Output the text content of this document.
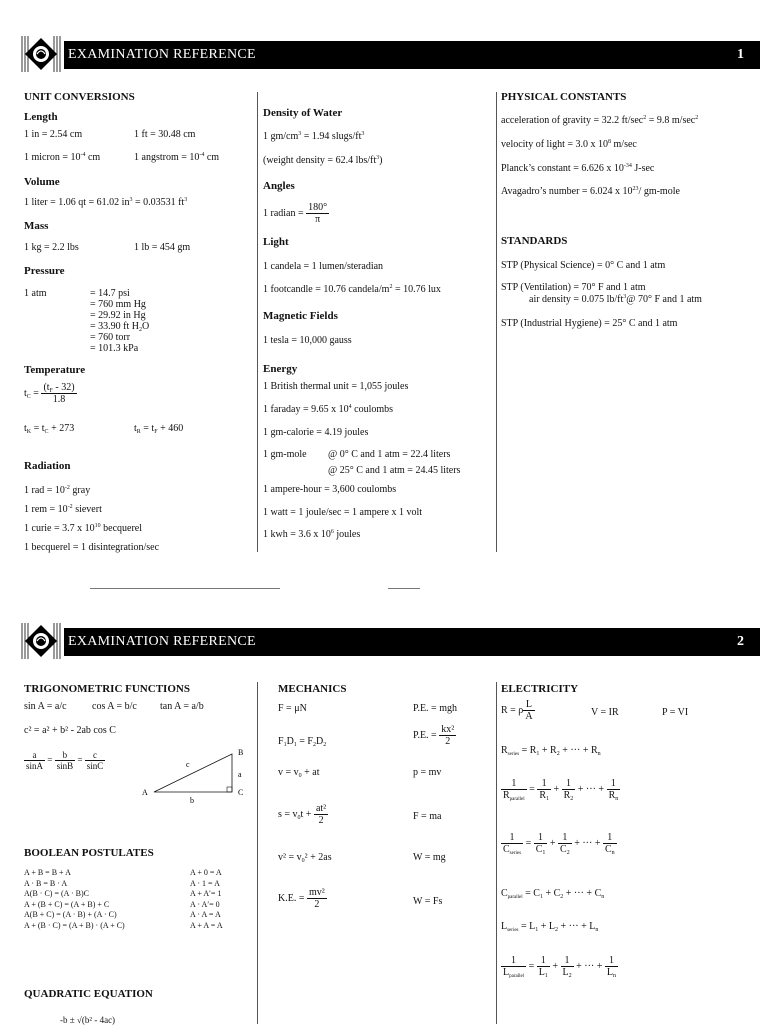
EXAMINATION REFERENCE	1
UNIT CONVERSIONS
Length
1 in = 2.54 cm	1 ft = 30.48 cm
1 micron = $10^{-4}$ cm	1 angstrom = $10^{-4}$ cm
Volume
1 liter = 1.06 qt = 61.02 $in^3 = 0.03531$ $ft^3$
Mass
1 kg = 2.2 lbs	1 lb = 454 gm
Pressure
1 atm	= 14.7 psi
= 760 mm Hg
= 29.92 in Hg
= 33.90 ft $H_2O$
= 760 torr
= 101.3 kPa
Temperature
$t_C = \frac{(t_F - 32)}{1.8}$
$t_K = t_C + 273$	$t_R = t_F + 460$
Radiation
1 rad = $10^{-2}$ gray
1 rem = $10^{-2}$ sievert
1 curie = 3.7 x $10^{10}$ becquerel
1 becquerel = 1 disintegration/sec
Density of Water
1 $gm/cm^3 = 1.94$ slugs/$ft^3$
(weight density = 62.4 lbs/$ft^3$)
Angles
1 radian = $\frac{180^\circ}{\pi}$
Light
1 candela = 1 lumen/steradian
1 footcandle = 10.76 candela/$m^2 = 10.76$ lux
Magnetic Fields
1 tesla = 10,000 gauss
Energy
1 British thermal unit = 1,055 joules
1 faraday = 9.65 x $10^4$ coulombs
1 gm-calorie = 4.19 joules
1 gm-mole @ 0° C and 1 atm = 22.4 liters
@ 25° C and 1 atm = 24.45 liters
1 ampere-hour = 3,600 coulombs
1 watt = 1 joule/sec = 1 ampere x 1 volt
1 kwh = 3.6 x $10^6$ joules
PHYSICAL CONSTANTS
acceleration of gravity = 32.2 $ft/\sec^2 = 9.8$ $m/\sec^2$
velocity of light = 3.0 x $10^8$ m/sec
Planck’s constant = 6.626 x $10^{-34}$ J-sec
Avagadro’s number = 6.024 x $10^{23}/$ gm-mole
STANDARDS
STP (Physical Science) = 0° C and 1 atm
STP (Ventilation) = 70° F and 1 atm
air density = 0.075 $lb/ft^3@$ 70° F and 1 atm
STP (Industrial Hygiene) = 25° C and 1 atm
EXAMINATION REFERENCE	2
TRIGONOMETRIC FUNCTIONS
sin A = a/c	cos A = b/c tan A = a/b
c² = a² + b² - 2ab cos C
$\frac{a}{\sin A} = \frac{b}{\sin B} = \frac{c}{\sin C}$
A
B
C
c
a
b
BOOLEAN POSTULATES
A + B = B + A
A · B = B · A
A(B · C) = (A · B)C
A + (B + C) = (A + B) + C
A(B + C) = (A · B) + (A · C)
A + (B · C) = (A + B) · (A + C)
A + 0 = A
A · 1 = A
A + A′= 1
A · A′= 0
A · A = A
A + A = A
QUADRATIC EQUATION
-b ± √(b² - 4ac)
MECHANICS
F = μN	P.E. = mgh
$F_1D_1 = F_2D_2$
P.E. = $\frac{\text{kx²}}{2}$
$v = v_0$ + at	p = mv
$s = v_0t + \frac{\text{at²}}{2}$	F = ma
$v^2 = v_0^2 + 2as$	W = mg
K.E. = $\frac{\text{mv²}}{2}$	W = Fs
ELECTRICITY
R = ρ $\frac{L}{A}$	V = IR	P = VI
$R_{series} = R_1 + R_2$ + ··· + $R_n$
$\frac{1}{R_{parallel}} = \frac{1}{R_1} + \frac{1}{R_2}$ + ··· + $\frac{1}{R_n}$
$\frac{1}{C_{series}} = \frac{1}{C_1} + \frac{1}{C_2}$ + ··· + $\frac{1}{C_n}$
$C_{parallel} = C_1 + C_2$ + ··· + $C_n$
$L_{series} = L_1 + L_2$ + ··· + $L_n$
$\frac{1}{L_{parallel}} = \frac{1}{L_1} + \frac{1}{L_2}$ + ··· + $\frac{1}{L_n}$
